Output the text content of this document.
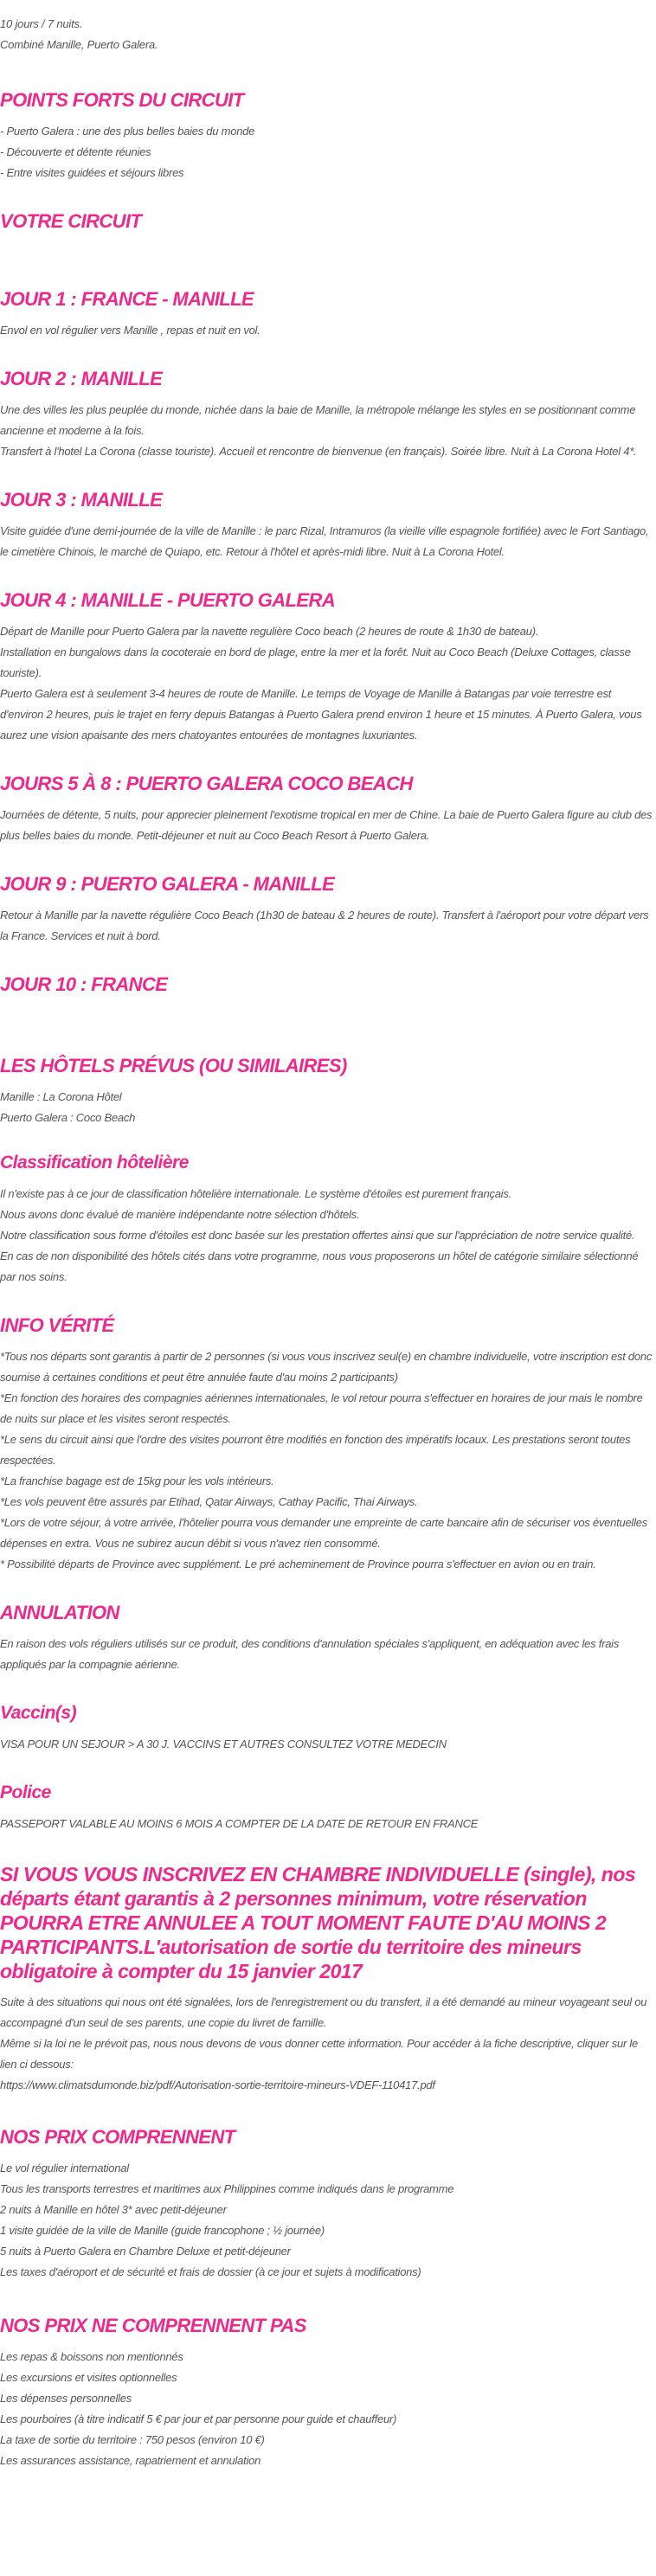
10 jours / 7 nuits.

Combiné Manille, Puerto Galera.

POINTS FORTS DU CIRCUIT
- Puerto Galera : une des plus belles baies du monde
- Découverte et détente réunies
- Entre visites guidées et séjours libres
VOTRE CIRCUIT
JOUR 1 : FRANCE - MANILLE

Envol en vol régulier vers Manille , repas et nuit en vol.

JOUR 2 : MANILLE

Une des villes les plus peuplée du monde, nichée dans la baie de Manille, la métropole mélange les styles en se positionnant comme ancienne et moderne à la fois.

Transfert à l'hotel La Corona (classe touriste). Accueil et rencontre de bienvenue (en français). Soirée libre. Nuit à La Corona Hotel 4*.

JOUR 3 : MANILLE

Visite guidée d'une demi-journée de la ville de Manille : le parc Rizal, Intramuros (la vieille ville espagnole fortifiée) avec le Fort Santiago, le cimetière Chinois, le marché de Quiapo, etc. Retour à l'hôtel et après-midi libre. Nuit à La Corona Hotel.

JOUR 4 : MANILLE - PUERTO GALERA

Départ de Manille pour Puerto Galera par la navette regulière Coco beach (2 heures de route & 1h30 de bateau).

Installation en bungalows dans la cocoteraie en bord de plage, entre la mer et la forêt. Nuit au Coco Beach (Deluxe Cottages, classe touriste).

Puerto Galera est à seulement 3-4 heures de route de Manille. Le temps de Voyage de Manille à Batangas par voie terrestre est d'environ 2 heures, puis le trajet en ferry depuis Batangas à Puerto Galera prend environ 1 heure et 15 minutes. À Puerto Galera, vous aurez une vision apaisante des mers chatoyantes entourées de montagnes luxuriantes.

JOURS 5 À 8 : PUERTO GALERA COCO BEACH

Journées de détente, 5 nuits, pour apprecier pleinement l'exotisme tropical en mer de Chine. La baie de Puerto Galera figure au club des plus belles baies du monde. Petit-déjeuner et nuit au Coco Beach Resort à Puerto Galera.

JOUR 9 : PUERTO GALERA - MANILLE

Retour à Manille par la navette régulière Coco Beach (1h30 de bateau & 2 heures de route). Transfert à l'aéroport pour votre départ vers la France. Services et nuit à bord.

JOUR 10 : FRANCE
LES HÔTELS PRÉVUS (OU SIMILAIRES)

Manille : La Corona Hôtel

Puerto Galera : Coco Beach

Classification hôtelière

Il n'existe pas à ce jour de classification hôtelière internationale. Le système d'étoiles est purement français.

Nous avons donc évalué de manière indépendante notre sélection d'hôtels.

Notre classification sous forme d'étoiles est donc basée sur les prestation offertes ainsi que sur l'appréciation de notre service qualité.

En cas de non disponibilité des hôtels cités dans votre programme, nous vous proposerons un hôtel de catégorie similaire sélectionné par nos soins.

INFO VÉRITÉ

*Tous nos départs sont garantis à partir de 2 personnes (si vous vous inscrivez seul(e) en chambre individuelle, votre inscription est donc soumise à certaines conditions et peut être annulée faute d'au moins 2 participants)

*En fonction des horaires des compagnies aériennes internationales, le vol retour pourra s'effectuer en horaires de jour mais le nombre de nuits sur place et les visites seront respectés.

*Le sens du circuit ainsi que l'ordre des visites pourront être modifiés en fonction des impératifs locaux. Les prestations seront toutes respectées.

*La franchise bagage est de 15kg pour les vols intérieurs.

*Les vols peuvent être assurés par Etihad, Qatar Airways, Cathay Pacific, Thai Airways.

*Lors de votre séjour, à votre arrivée, l'hôtelier pourra vous demander une empreinte de carte bancaire afin de sécuriser vos éventuelles dépenses en extra. Vous ne subirez aucun débit si vous n'avez rien consommé.

* Possibilité départs de Province avec supplément. Le pré acheminement de Province pourra s'effectuer en avion ou en train.

ANNULATION

En raison des vols réguliers utilisés sur ce produit, des conditions d'annulation spéciales s'appliquent, en adéquation avec les frais appliqués par la compagnie aérienne.

Vaccin(s)

VISA POUR UN SEJOUR > A 30 J. VACCINS ET AUTRES CONSULTEZ VOTRE MEDECIN

Police

PASSEPORT VALABLE AU MOINS 6 MOIS A COMPTER DE LA DATE DE RETOUR EN FRANCE

SI VOUS VOUS INSCRIVEZ EN CHAMBRE INDIVIDUELLE (single), nos départs étant garantis à 2 personnes minimum, votre réservation POURRA ETRE ANNULEE A TOUT MOMENT FAUTE D'AU MOINS 2 PARTICIPANTS.L'autorisation de sortie du territoire des mineurs obligatoire à compter du 15 janvier 2017

Suite à des situations qui nous ont été signalées, lors de l'enregistrement ou du transfert, il a été demandé au mineur voyageant seul ou accompagné d'un seul de ses parents, une copie du livret de famille.

Même si la loi ne le prévoit pas, nous nous devons de vous donner cette information. Pour accéder à la fiche descriptive, cliquer sur le lien ci dessous:

https://www.climatsdumonde.biz/pdf/Autorisation-sortie-territoire-mineurs-VDEF-110417.pdf

NOS PRIX COMPRENNENT
Le vol régulier international
Tous les transports terrestres et maritimes aux Philippines comme indiqués dans le programme
2 nuits à Manille en hôtel 3* avec petit-déjeuner
1 visite guidée de la ville de Manille (guide francophone ; ½ journée)
5 nuits à Puerto Galera en Chambre Deluxe et petit-déjeuner
Les taxes d'aéroport et de sécurité et frais de dossier (à ce jour et sujets à modifications)
NOS PRIX NE COMPRENNENT PAS
Les repas & boissons non mentionnés
Les excursions et visites optionnelles
Les dépenses personnelles
Les pourboires (à titre indicatif 5 € par jour et par personne pour guide et chauffeur)
La taxe de sortie du territoire : 750 pesos (environ 10 €)
Les assurances assistance, rapatriement et annulation
